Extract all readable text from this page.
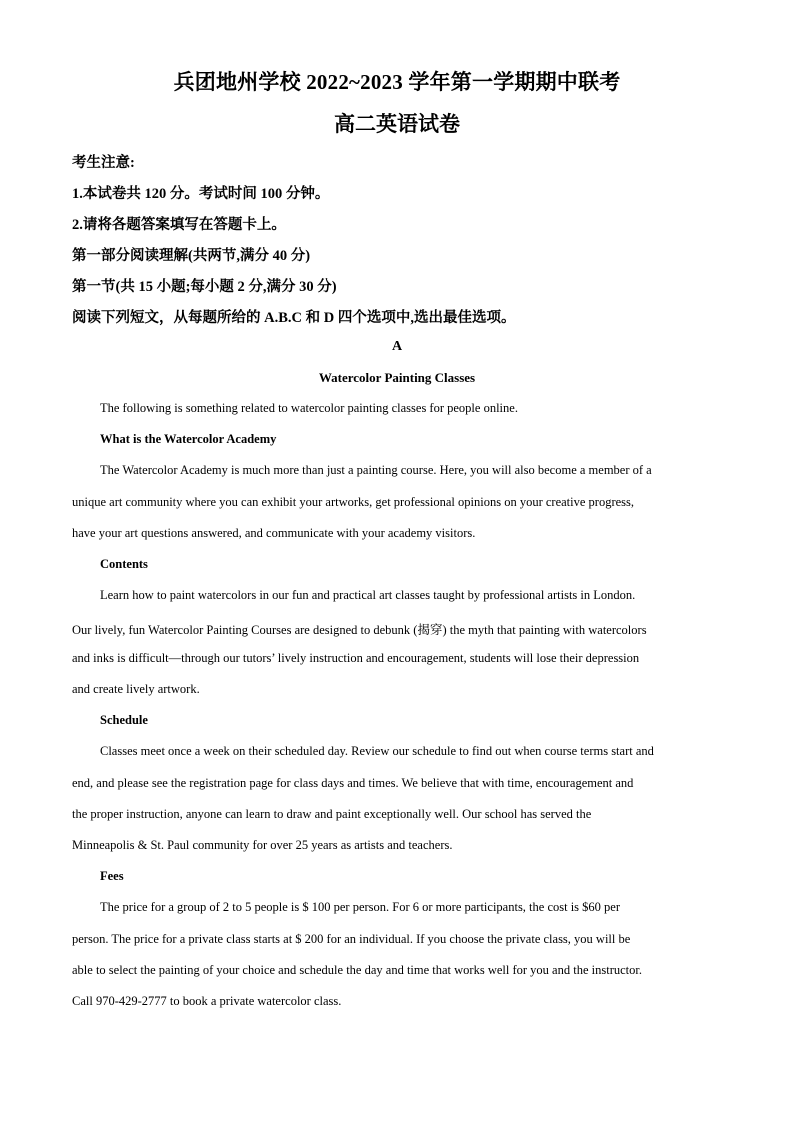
兵团地州学校 2022~2023 学年第一学期期中联考
高二英语试卷
考生注意:
1.本试卷共 120 分。考试时间 100 分钟。
2.请将各题答案填写在答题卡上。
第一部分阅读理解(共两节,满分 40 分)
第一节(共 15 小题;每小题 2 分,满分 30 分)
阅读下列短文，从每题所给的 A.B.C 和 D 四个选项中,选出最佳选项。
A
Watercolor Painting Classes
The following is something related to watercolor painting classes for people online.
What is the Watercolor Academy
The Watercolor Academy is much more than just a painting course. Here, you will also become a member of a
unique art community where you can exhibit your artworks, get professional opinions on your creative progress,
have your art questions answered, and communicate with your academy visitors.
Contents
Learn how to paint watercolors in our fun and practical art classes taught by professional artists in London.
Our lively, fun Watercolor Painting Courses are designed to debunk (揭穿) the myth that painting with watercolors
and inks is difficult—through our tutors’ lively instruction and encouragement, students will lose their depression
and create lively artwork.
Schedule
Classes meet once a week on their scheduled day. Review our schedule to find out when course terms start and
end, and please see the registration page for class days and times. We believe that with time, encouragement and
the proper instruction, anyone can learn to draw and paint exceptionally well. Our school has served the
Minneapolis & St. Paul community for over 25 years as artists and teachers.
Fees
The price for a group of 2 to 5 people is $ 100 per person. For 6 or more participants, the cost is $60 per
person. The price for a private class starts at $ 200 for an individual. If you choose the private class, you will be
able to select the painting of your choice and schedule the day and time that works well for you and the instructor.
Call 970-429-2777 to book a private watercolor class.
